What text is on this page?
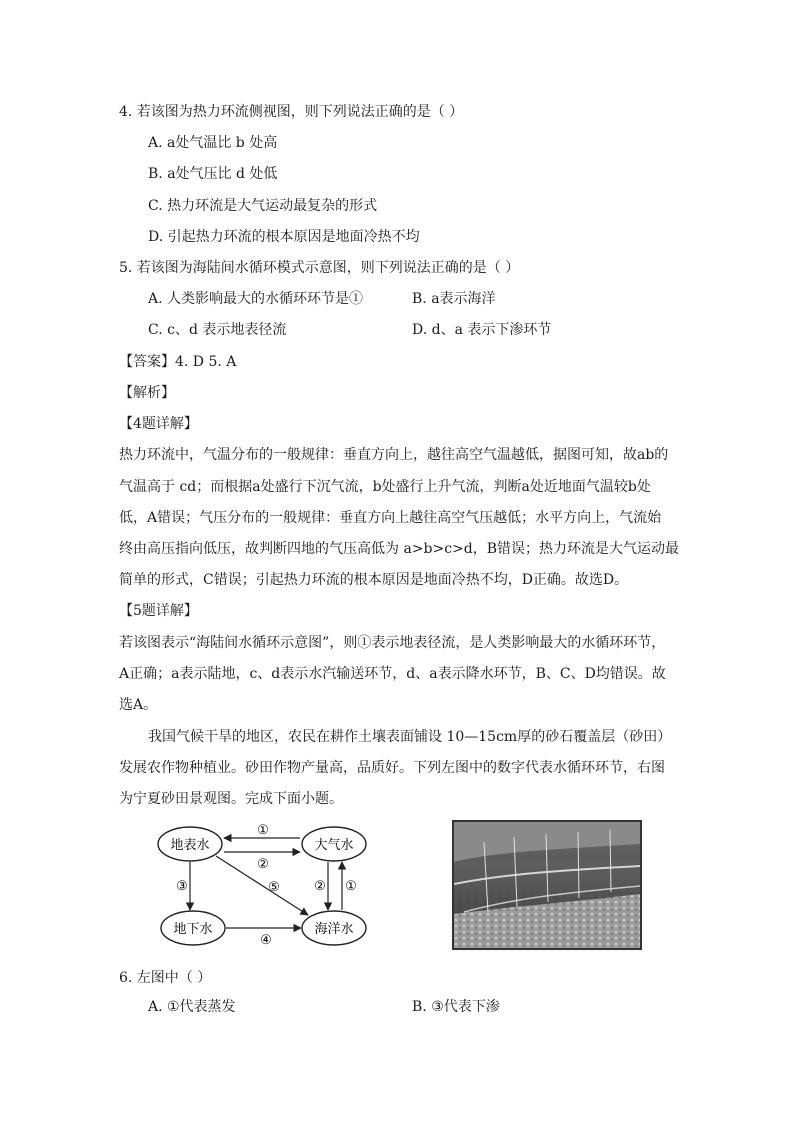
4. 若该图为热力环流侧视图，则下列说法正确的是（ ）
A. a处气温比 b 处高
B. a处气压比 d 处低
C. 热力环流是大气运动最复杂的形式
D. 引起热力环流的根本原因是地面冷热不均
5. 若该图为海陆间水循环模式示意图，则下列说法正确的是（ ）
A. 人类影响最大的水循环环节是①	B. a表示海洋
C. c、d 表示地表径流	D. d、a 表示下渗环节
【答案】4. D 5. A
【解析】
【4题详解】
热力环流中，气温分布的一般规律：垂直方向上，越往高空气温越低，据图可知，故ab的
气温高于 cd；而根据a处盛行下沉气流，b处盛行上升气流，判断a处近地面气温较b处
低，A错误；气压分布的一般规律：垂直方向上越往高空气压越低；水平方向上，气流始
终由高压指向低压，故判断四地的气压高低为 a>b>c>d，B错误；热力环流是大气运动最
简单的形式，C错误；引起热力环流的根本原因是地面冷热不均，D正确。故选D。
【5题详解】
若该图表示“海陆间水循环示意图”，则①表示地表径流，是人类影响最大的水循环环节，
A正确；a表示陆地，c、d表示水汽输送环节，d、a表示降水环节，B、C、D均错误。故
选A。
我国气候干旱的地区，农民在耕作土壤表面铺设 10—15cm厚的砂石覆盖层（砂田）
发展农作物种植业。砂田作物产量高，品质好。下列左图中的数字代表水循环环节，右图
为宁夏砂田景观图。完成下面小题。
地表水	大气水
地下水	海洋水
①
②
③	⑤	② ①
④
6. 左图中（ ）
A. ①代表蒸发	B. ③代表下渗
